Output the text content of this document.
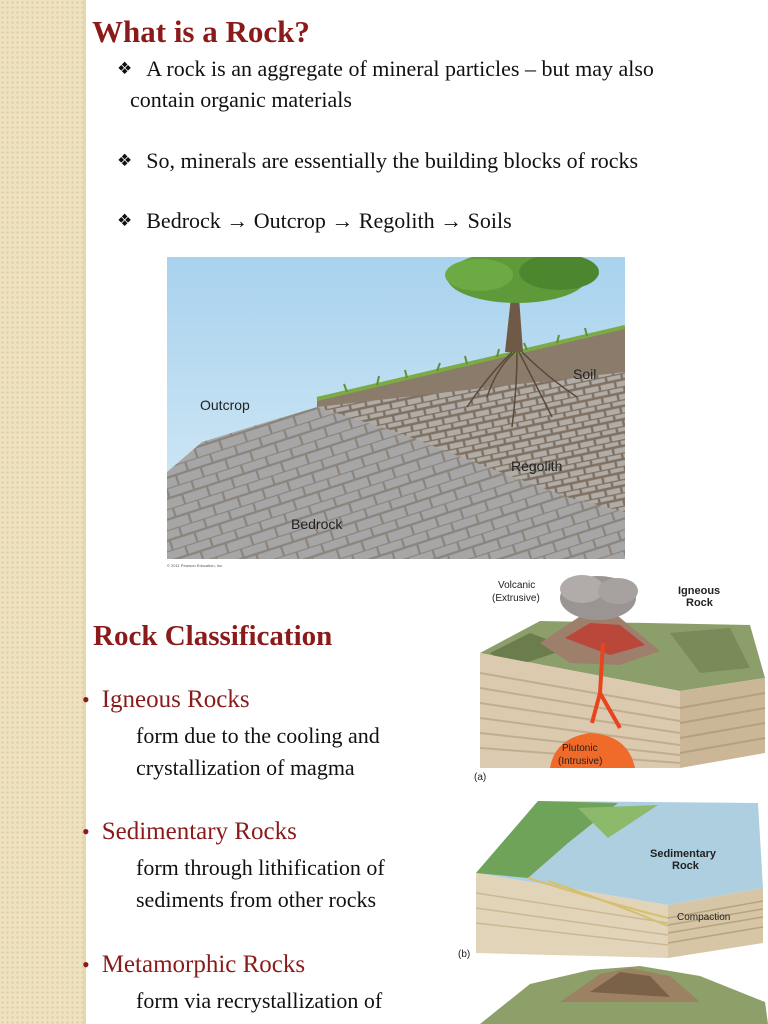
What is a Rock?
❖ A rock is an aggregate of mineral particles – but may also
contain organic materials
❖ So, minerals are essentially the building blocks of rocks
❖ Bedrock → Outcrop → Regolith → Soils
Outcrop
Soil
Regolith
Bedrock
© 2011 Pearson Education, Inc.
Rock Classification
• Igneous Rocks
form due to the cooling and
crystallization of magma
• Sedimentary Rocks
form through lithification of
sediments from other rocks
• Metamorphic Rocks
form via recrystallization of
Volcanic
(Extrusive)
Igneous
Rock
Plutonic
(Intrusive)
(a)
Sedimentary
Rock
Compaction
(b)
